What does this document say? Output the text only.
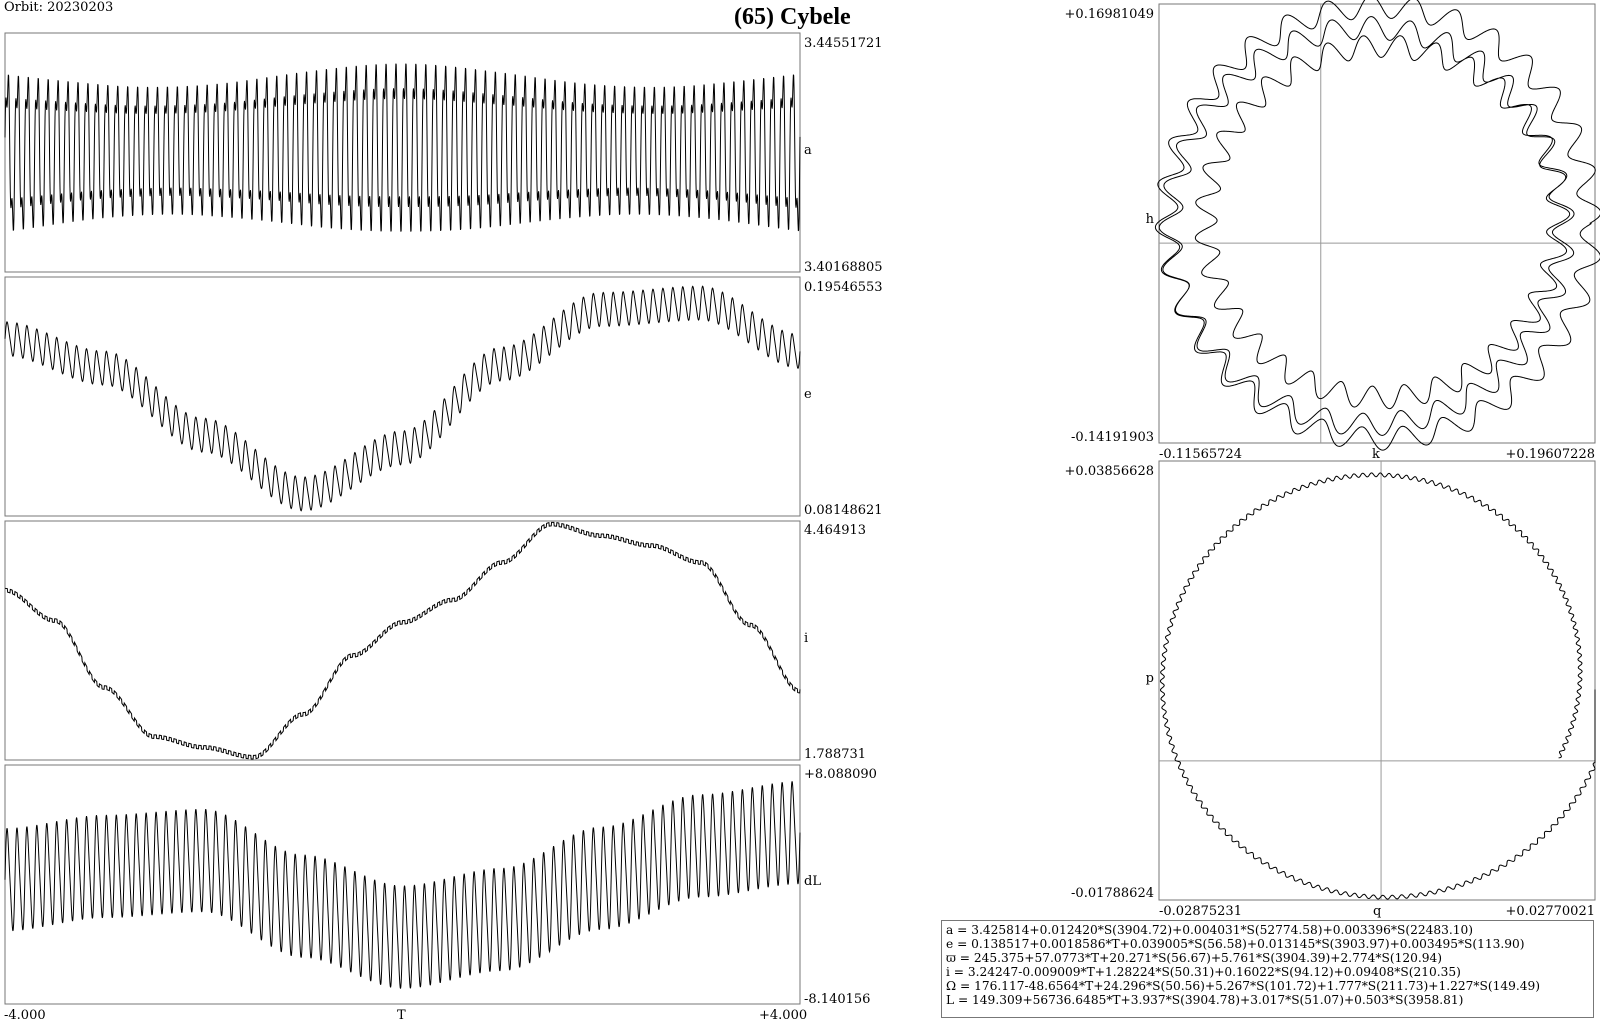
Orbit: 20230203	(65) Cybele
3.44551721
a
3.40168805
0.19546553
e
0.08148621
4.464913
i
1.788731
+8.088090
dL
-8.140156
-4.000	T	+4.000
+0.16981049
h
-0.14191903
-0.11565724	k	+0.19607228
+0.03856628
p
-0.01788624
-0.02875231	q	+0.02770021
a = 3.425814+0.012420*S(3904.72)+0.004031*S(52774.58)+0.003396*S(22483.10)
e = 0.138517+0.0018586*T+0.039005*S(56.58)+0.013145*S(3903.97)+0.003495*S(113.90)
ϖ = 245.375+57.0773*T+20.271*S(56.67)+5.761*S(3904.39)+2.774*S(120.94)
i = 3.24247-0.009009*T+1.28224*S(50.31)+0.16022*S(94.12)+0.09408*S(210.35)
Ω = 176.117-48.6564*T+24.296*S(50.56)+5.267*S(101.72)+1.777*S(211.73)+1.227*S(149.49)
L = 149.309+56736.6485*T+3.937*S(3904.78)+3.017*S(51.07)+0.503*S(3958.81)
